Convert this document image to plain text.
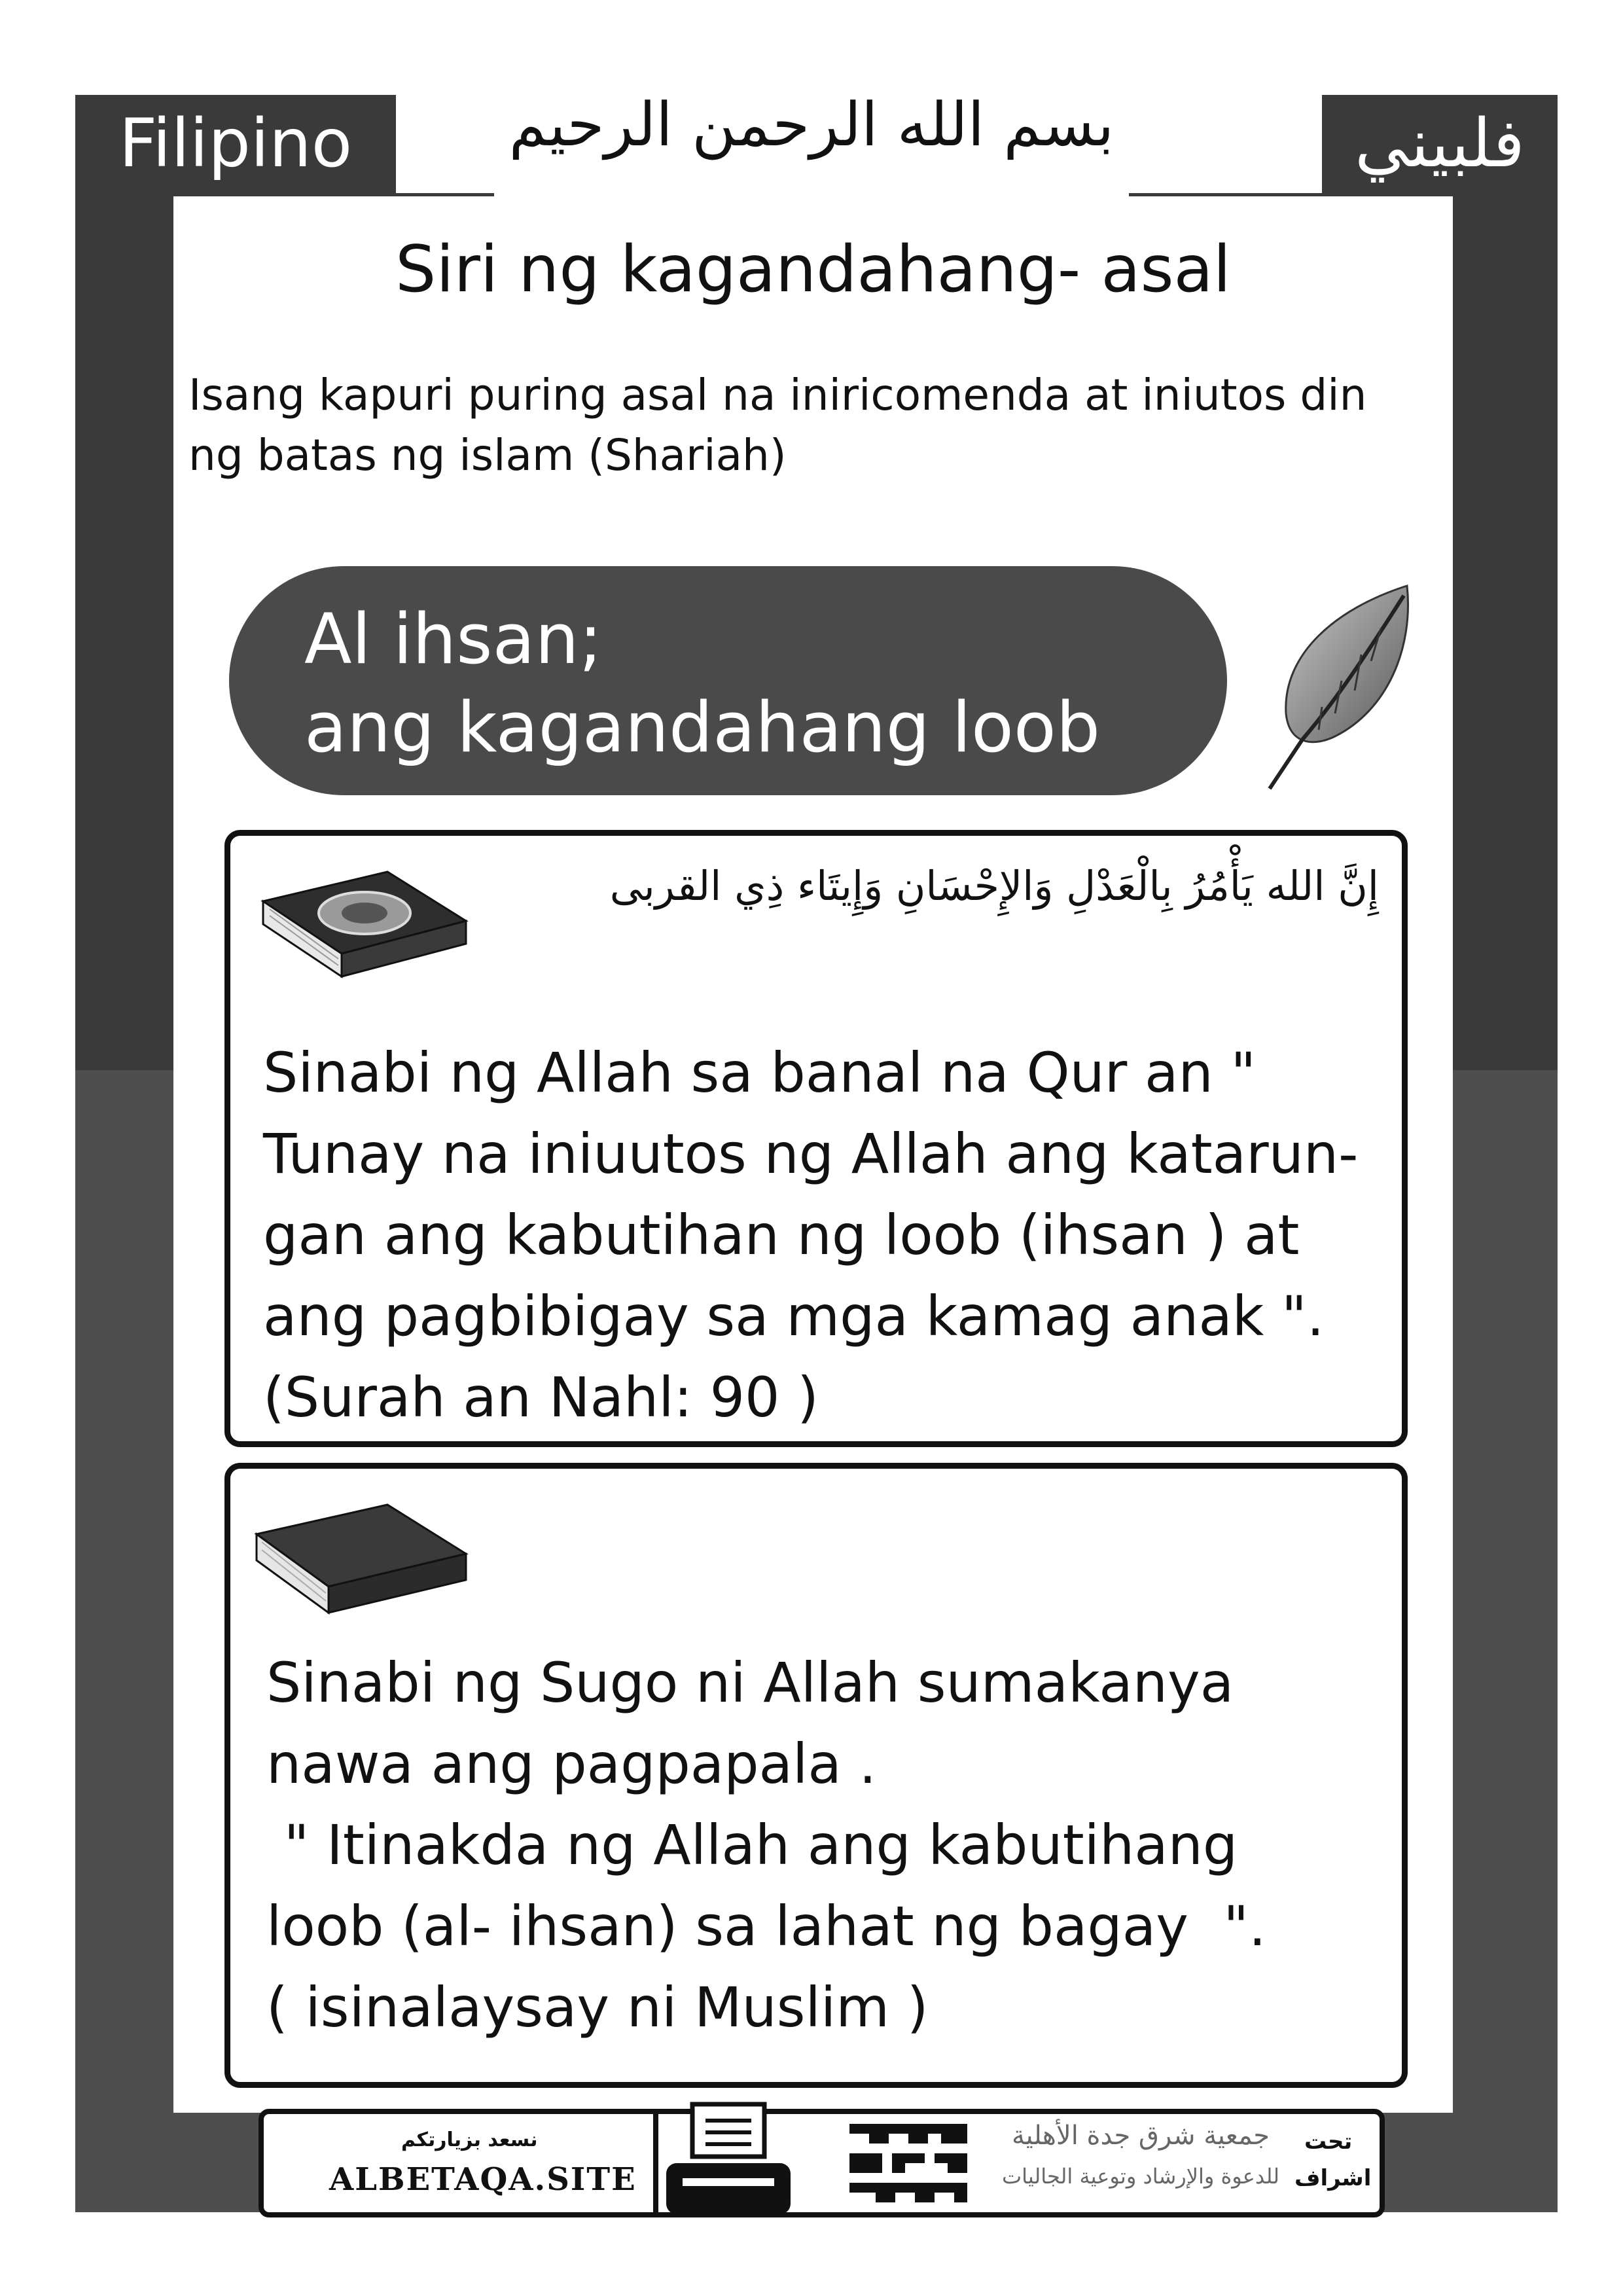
Filipino	فلبيني
بسم الله الرحمن الرحيم
Siri ng kagandahang- asal
Isang kapuri puring asal na iniricomenda at iniutos din ng batas ng islam (Shariah)
Al ihsan;
ang kagandahang loob
إِنَّ الله يَأْمُرُ بِالْعَدْلِ وَالإِحْسَانِ وَإِيتَاء ذِي القربى
Sinabi ng Allah sa banal na Qur an "
Tunay na iniuutos ng Allah ang katarun-
gan ang kabutihan ng loob (ihsan ) at
ang pagbibigay sa mga kamag anak ".
(Surah an Nahl: 90 )
Sinabi ng Sugo ni Allah sumakanya
nawa ang pagpapala .
" Itinakda ng Allah ang kabutihang
loob (al- ihsan) sa lahat ng bagay  ".
( isinalaysay ni Muslim )
نسعد بزيارتكم
ALBETAQA.SITE
جمعية شرق جدة الأهلية
للدعوة والإرشاد وتوعية الجاليات
تحت
اشراف
